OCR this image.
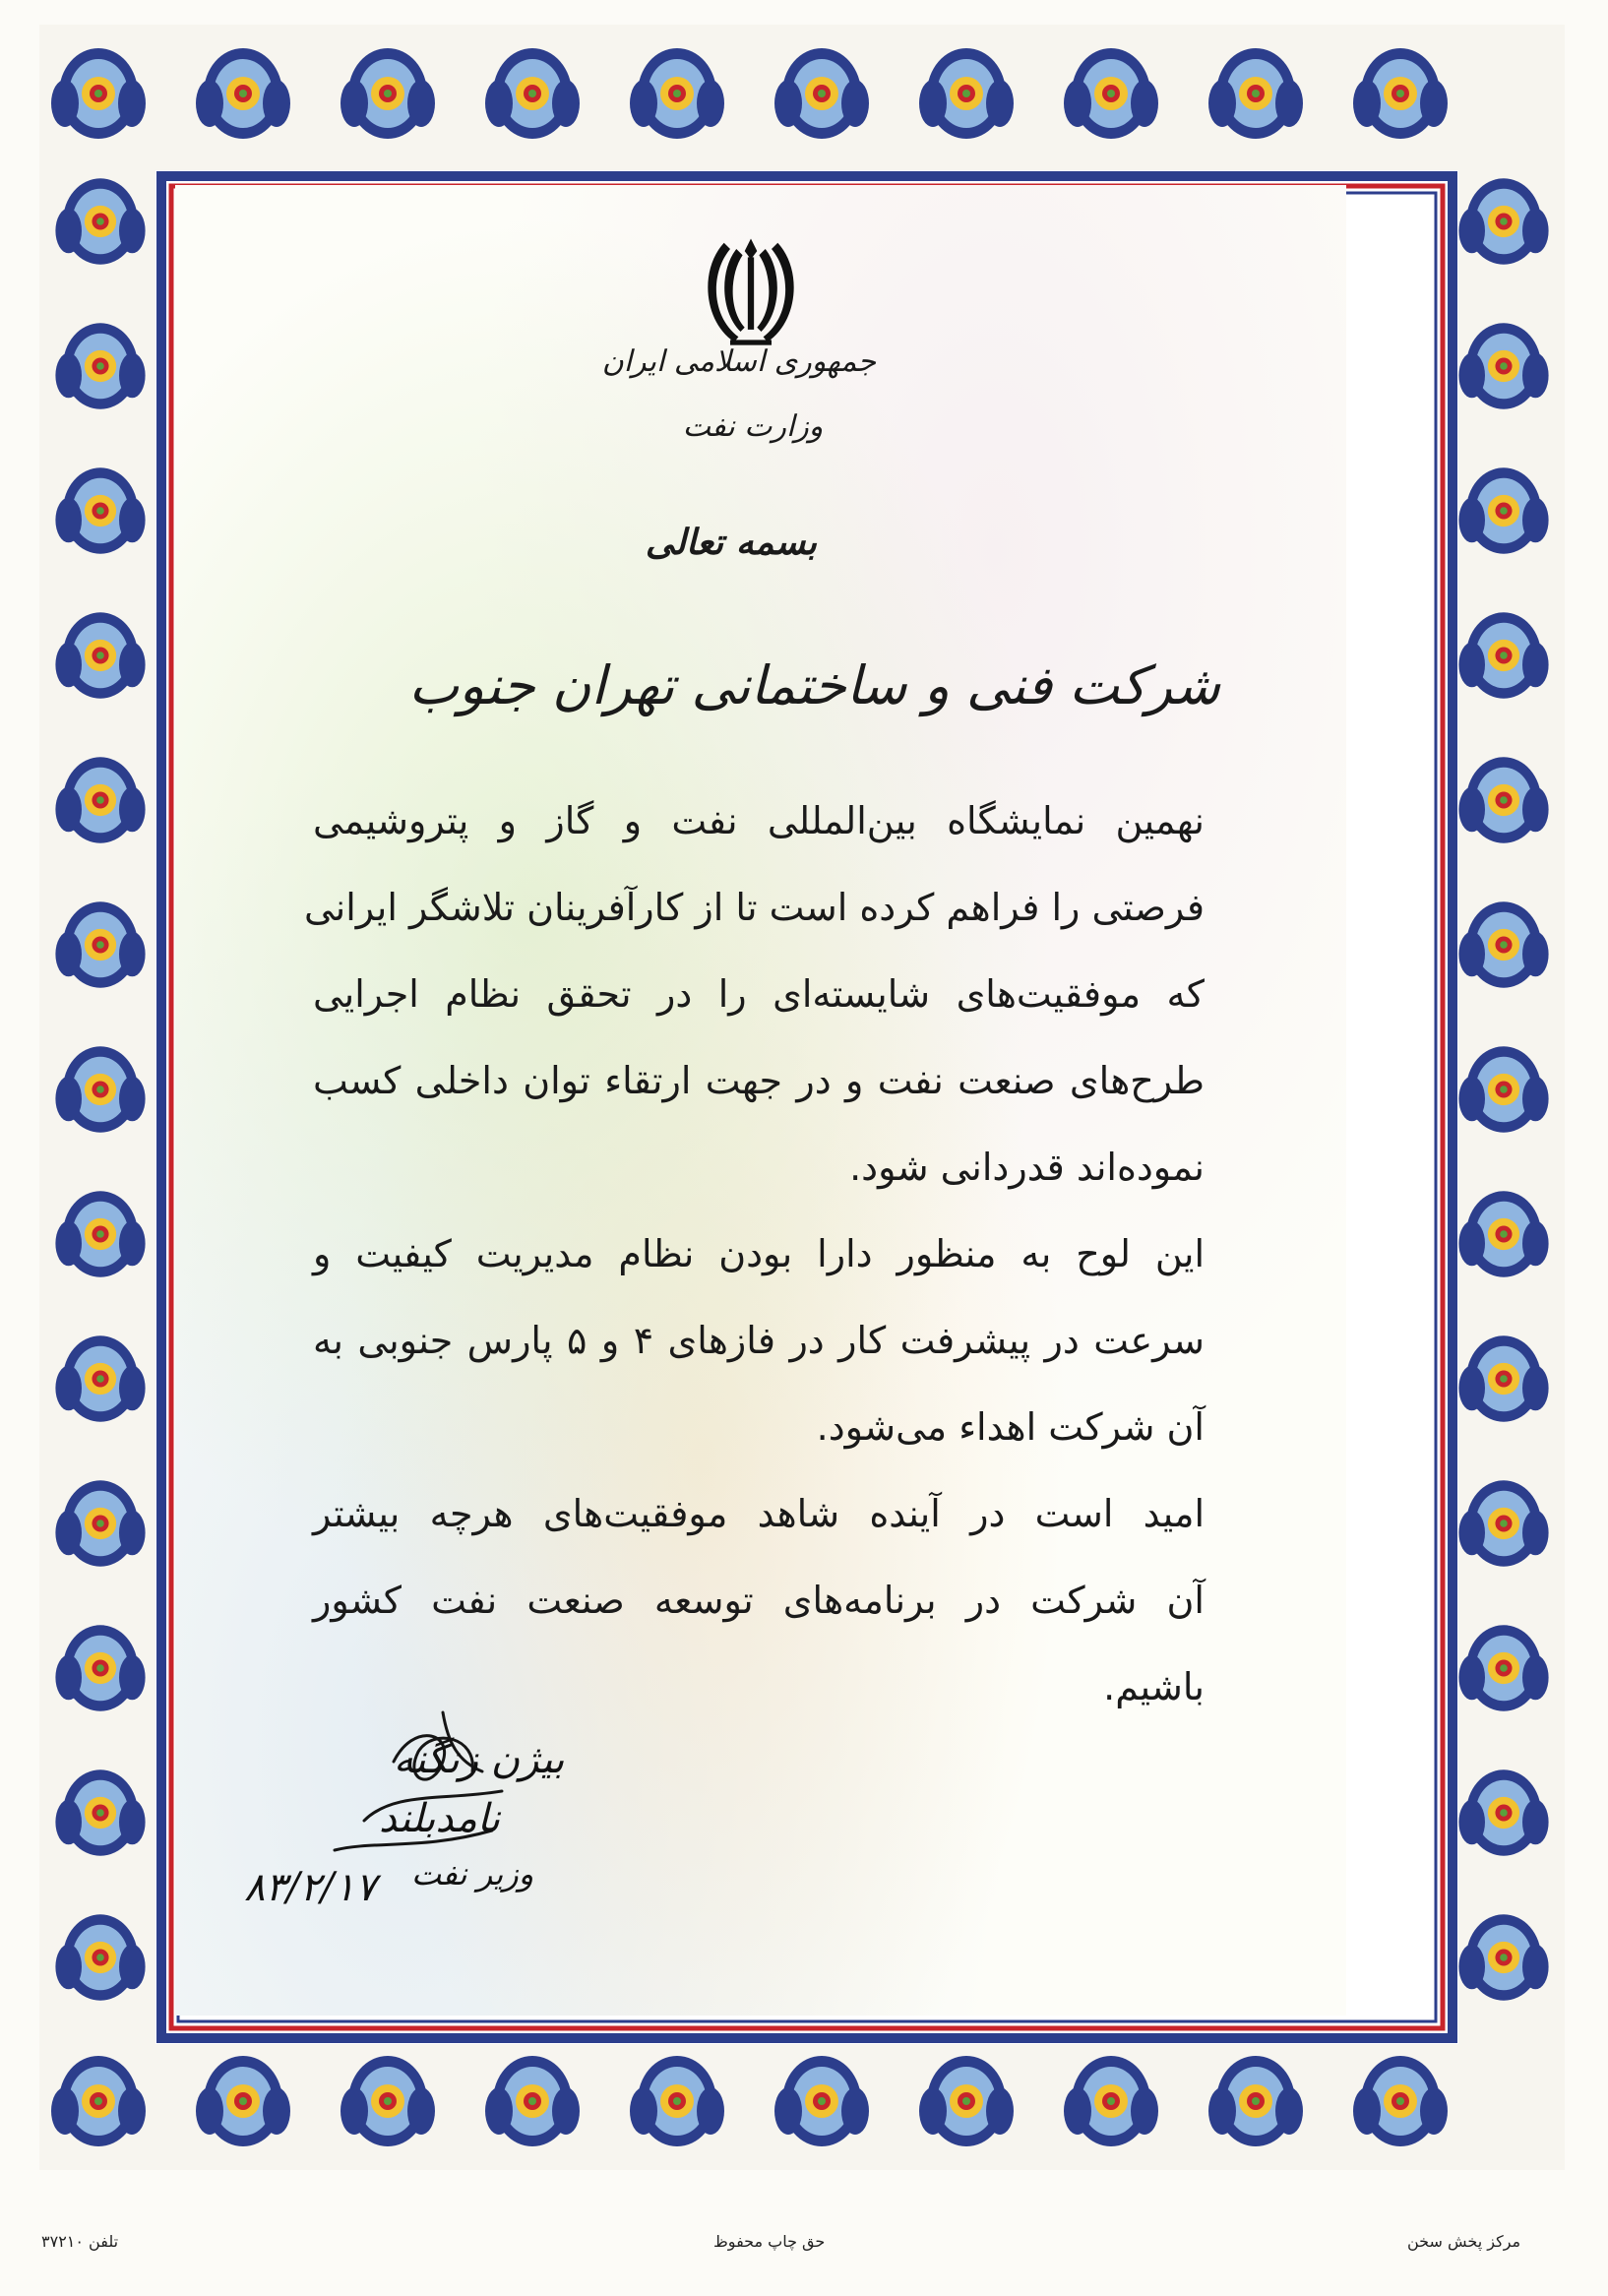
جمهوری اسلامی ایران
وزارت نفت
بسمه تعالی
شرکت فنی و ساختمانی تهران جنوب
نهمین نمایشگاه بین‌المللی نفت و گاز و پتروشیمی
فرصتی را فراهم کرده است تا از کارآفرینان تلاشگر ایرانی
که موفقیت‌های شایسته‌ای را در تحقق نظام اجرایی
طرح‌های صنعت نفت و در جهت ارتقاء توان داخلی کسب
نموده‌اند قدردانی شود.
این لوح به منظور دارا بودن نظام مدیریت کیفیت و
سرعت در پیشرفت کار در فازهای ۴ و ۵ پارس جنوبی به
آن شرکت اهداء می‌شود.
امید است در آینده شاهد موفقیت‌های هرچه بیشتر
آن شرکت در برنامه‌های توسعه صنعت نفت کشور
باشیم.
بیژن زنگنه
نامدبلند
وزیر نفت
۸۳/۲/۱۷
مرکز پخش سخن
حق چاپ محفوظ
تلفن ۳۷۲۱۰
